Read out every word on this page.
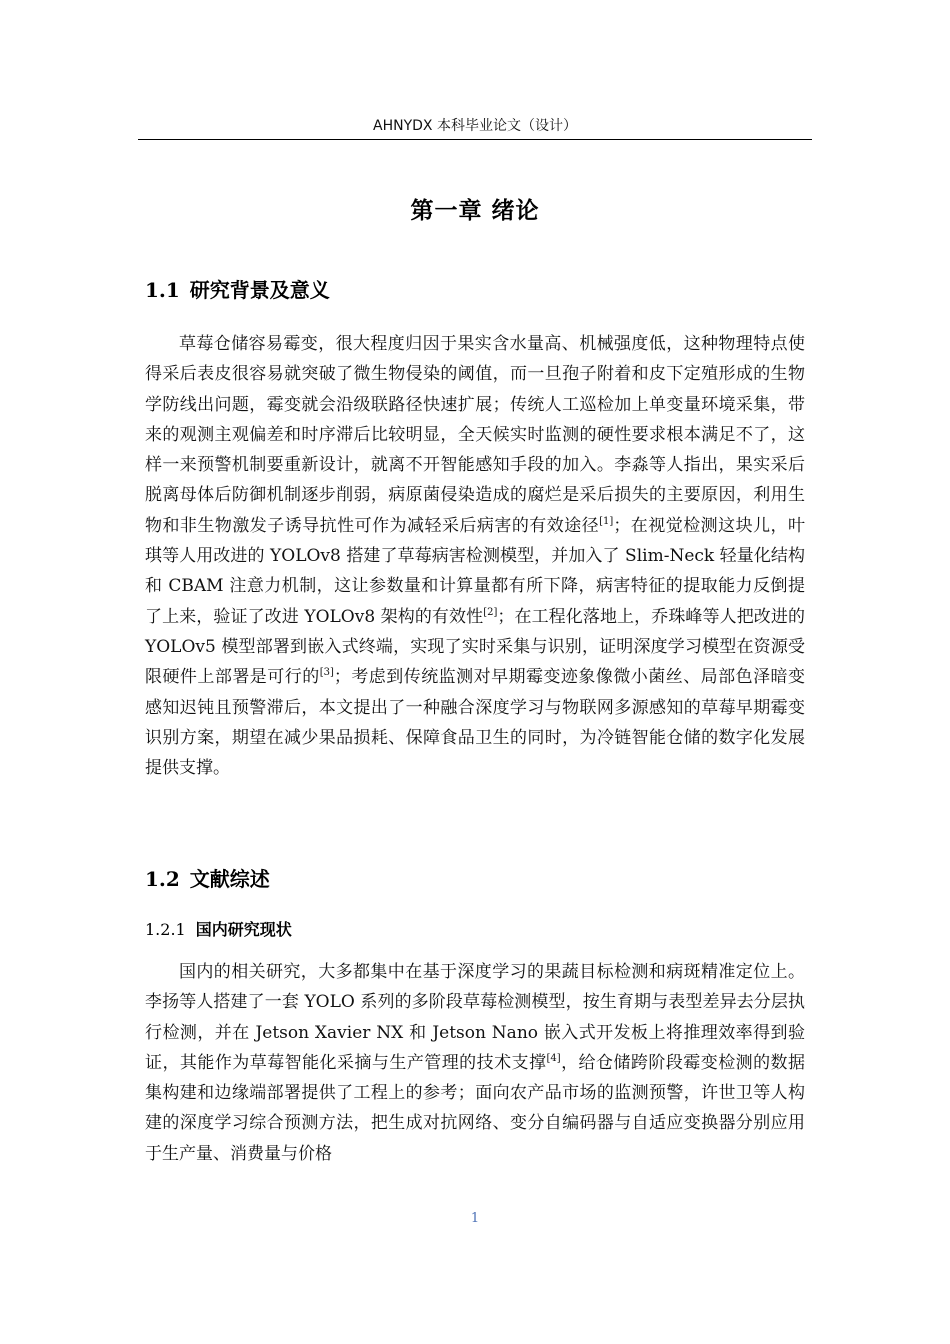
AHNYDX 本科毕业论文（设计）
第一章 绪论
1.1 研究背景及意义

草莓仓储容易霉变，很大程度归因于果实含水量高、机械强度低，这种物理特点使得采后表皮很容易就突破了微生物侵染的阈值，而一旦孢子附着和皮下定殖形成的生物学防线出问题，霉变就会沿级联路径快速扩展；传统人工巡检加上单变量环境采集，带来的观测主观偏差和时序滞后比较明显，全天候实时监测的硬性要求根本满足不了，这样一来预警机制要重新设计，就离不开智能感知手段的加入。李淼等人指出，果实采后脱离母体后防御机制逐步削弱，病原菌侵染造成的腐烂是采后损失的主要原因，利用生物和非生物激发子诱导抗性可作为减轻采后病害的有效途径[1]；在视觉检测这块儿，叶琪等人用改进的 YOLOv8 搭建了草莓病害检测模型，并加入了 Slim-Neck 轻量化结构和 CBAM 注意力机制，这让参数量和计算量都有所下降，病害特征的提取能力反倒提了上来，验证了改进 YOLOv8 架构的有效性[2]；在工程化落地上，乔珠峰等人把改进的 YOLOv5 模型部署到嵌入式终端，实现了实时采集与识别，证明深度学习模型在资源受限硬件上部署是可行的[3]；考虑到传统监测对早期霉变迹象像微小菌丝、局部色泽暗变感知迟钝且预警滞后，本文提出了一种融合深度学习与物联网多源感知的草莓早期霉变识别方案，期望在减少果品损耗、保障食品卫生的同时，为冷链智能仓储的数字化发展提供支撑。

1.2 文献综述
1.2.1 国内研究现状

国内的相关研究，大多都集中在基于深度学习的果蔬目标检测和病斑精准定位上。李扬等人搭建了一套 YOLO 系列的多阶段草莓检测模型，按生育期与表型差异去分层执行检测，并在 Jetson Xavier NX 和 Jetson Nano 嵌入式开发板上将推理效率得到验证，其能作为草莓智能化采摘与生产管理的技术支撑[4]，给仓储跨阶段霉变检测的数据集构建和边缘端部署提供了工程上的参考；面向农产品市场的监测预警，许世卫等人构建的深度学习综合预测方法，把生成对抗网络、变分自编码器与自适应变换器分别应用于生产量、消费量与价格

1
